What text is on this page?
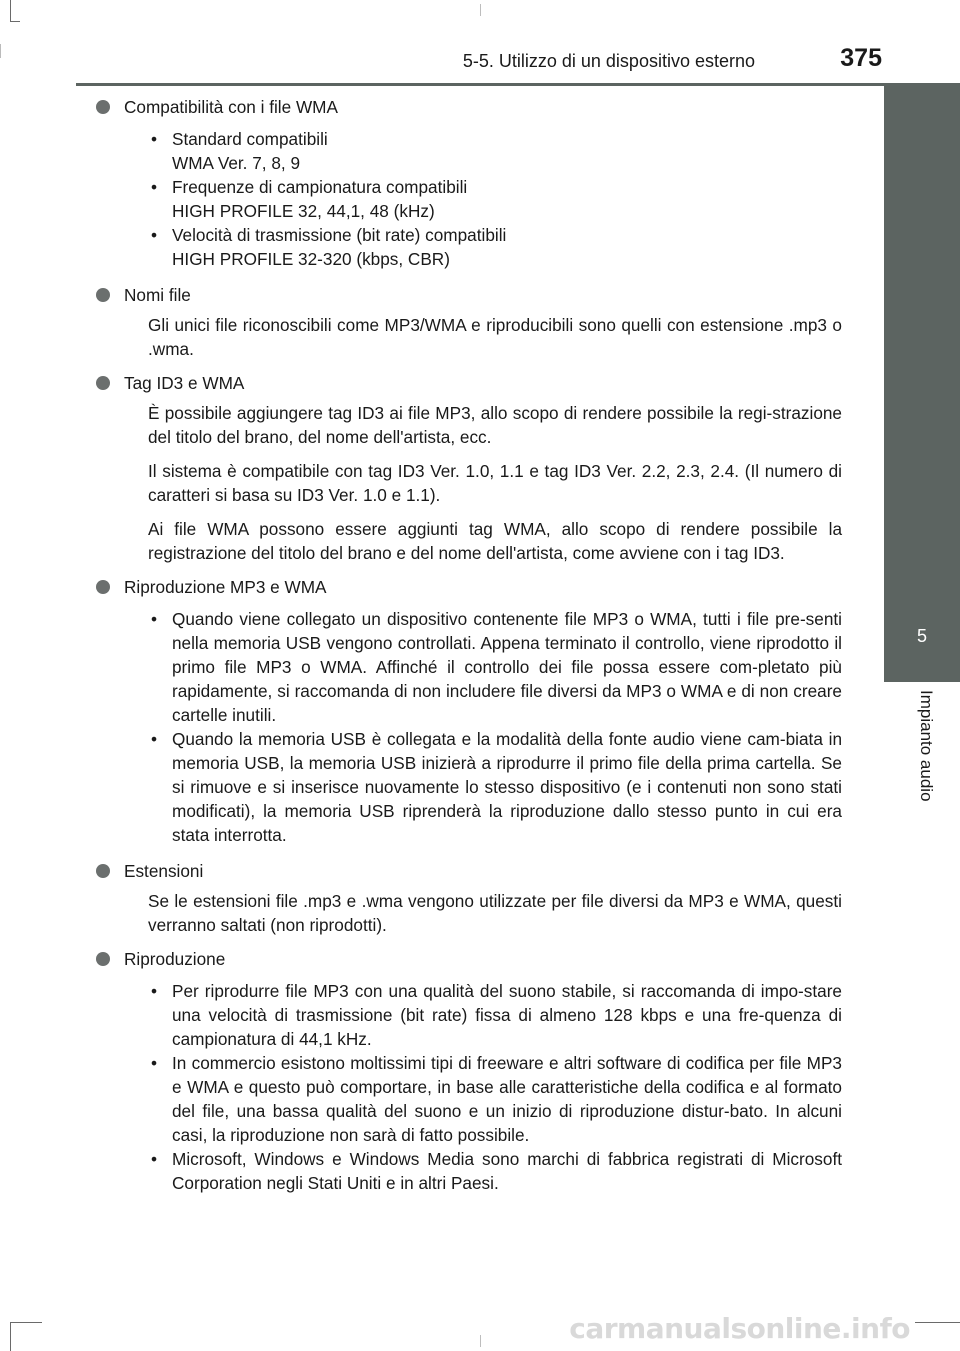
5-5. Utilizzo di un dispositivo esterno	375
5
Impianto audio
Compatibilità con i file WMA
• Standard compatibili
WMA Ver. 7, 8, 9
• Frequenze di campionatura compatibili
HIGH PROFILE 32, 44,1, 48 (kHz)
• Velocità di trasmissione (bit rate) compatibili
HIGH PROFILE 32-320 (kbps, CBR)
Nomi file

Gli unici file riconoscibili come MP3/WMA e riproducibili sono quelli con estensione .mp3 o .wma.

Tag ID3 e WMA

È possibile aggiungere tag ID3 ai file MP3, allo scopo di rendere possibile la regi-strazione del titolo del brano, del nome dell'artista, ecc.

Il sistema è compatibile con tag ID3 Ver. 1.0, 1.1 e tag ID3 Ver. 2.2, 2.3, 2.4. (Il numero di caratteri si basa su ID3 Ver. 1.0 e 1.1).

Ai file WMA possono essere aggiunti tag WMA, allo scopo di rendere possibile la registrazione del titolo del brano e del nome dell'artista, come avviene con i tag ID3.

Riproduzione MP3 e WMA
• Quando viene collegato un dispositivo contenente file MP3 o WMA, tutti i file pre-senti nella memoria USB vengono controllati. Appena terminato il controllo, viene riprodotto il primo file MP3 o WMA. Affinché il controllo dei file possa essere com-pletato più rapidamente, si raccomanda di non includere file diversi da MP3 o WMA e di non creare cartelle inutili.
• Quando la memoria USB è collegata e la modalità della fonte audio viene cam-biata in memoria USB, la memoria USB inizierà a riprodurre il primo file della prima cartella. Se si rimuove e si inserisce nuovamente lo stesso dispositivo (e i contenuti non sono stati modificati), la memoria USB riprenderà la riproduzione dallo stesso punto in cui era stata interrotta.
Estensioni

Se le estensioni file .mp3 e .wma vengono utilizzate per file diversi da MP3 e WMA, questi verranno saltati (non riprodotti).

Riproduzione
• Per riprodurre file MP3 con una qualità del suono stabile, si raccomanda di impo-stare una velocità di trasmissione (bit rate) fissa di almeno 128 kbps e una fre-quenza di campionatura di 44,1 kHz.
• In commercio esistono moltissimi tipi di freeware e altri software di codifica per file MP3 e WMA e questo può comportare, in base alle caratteristiche della codifica e al formato del file, una bassa qualità del suono e un inizio di riproduzione distur-bato. In alcuni casi, la riproduzione non sarà di fatto possibile.
• Microsoft, Windows e Windows Media sono marchi di fabbrica registrati di Microsoft Corporation negli Stati Uniti e in altri Paesi.
carmanualsonline.info
